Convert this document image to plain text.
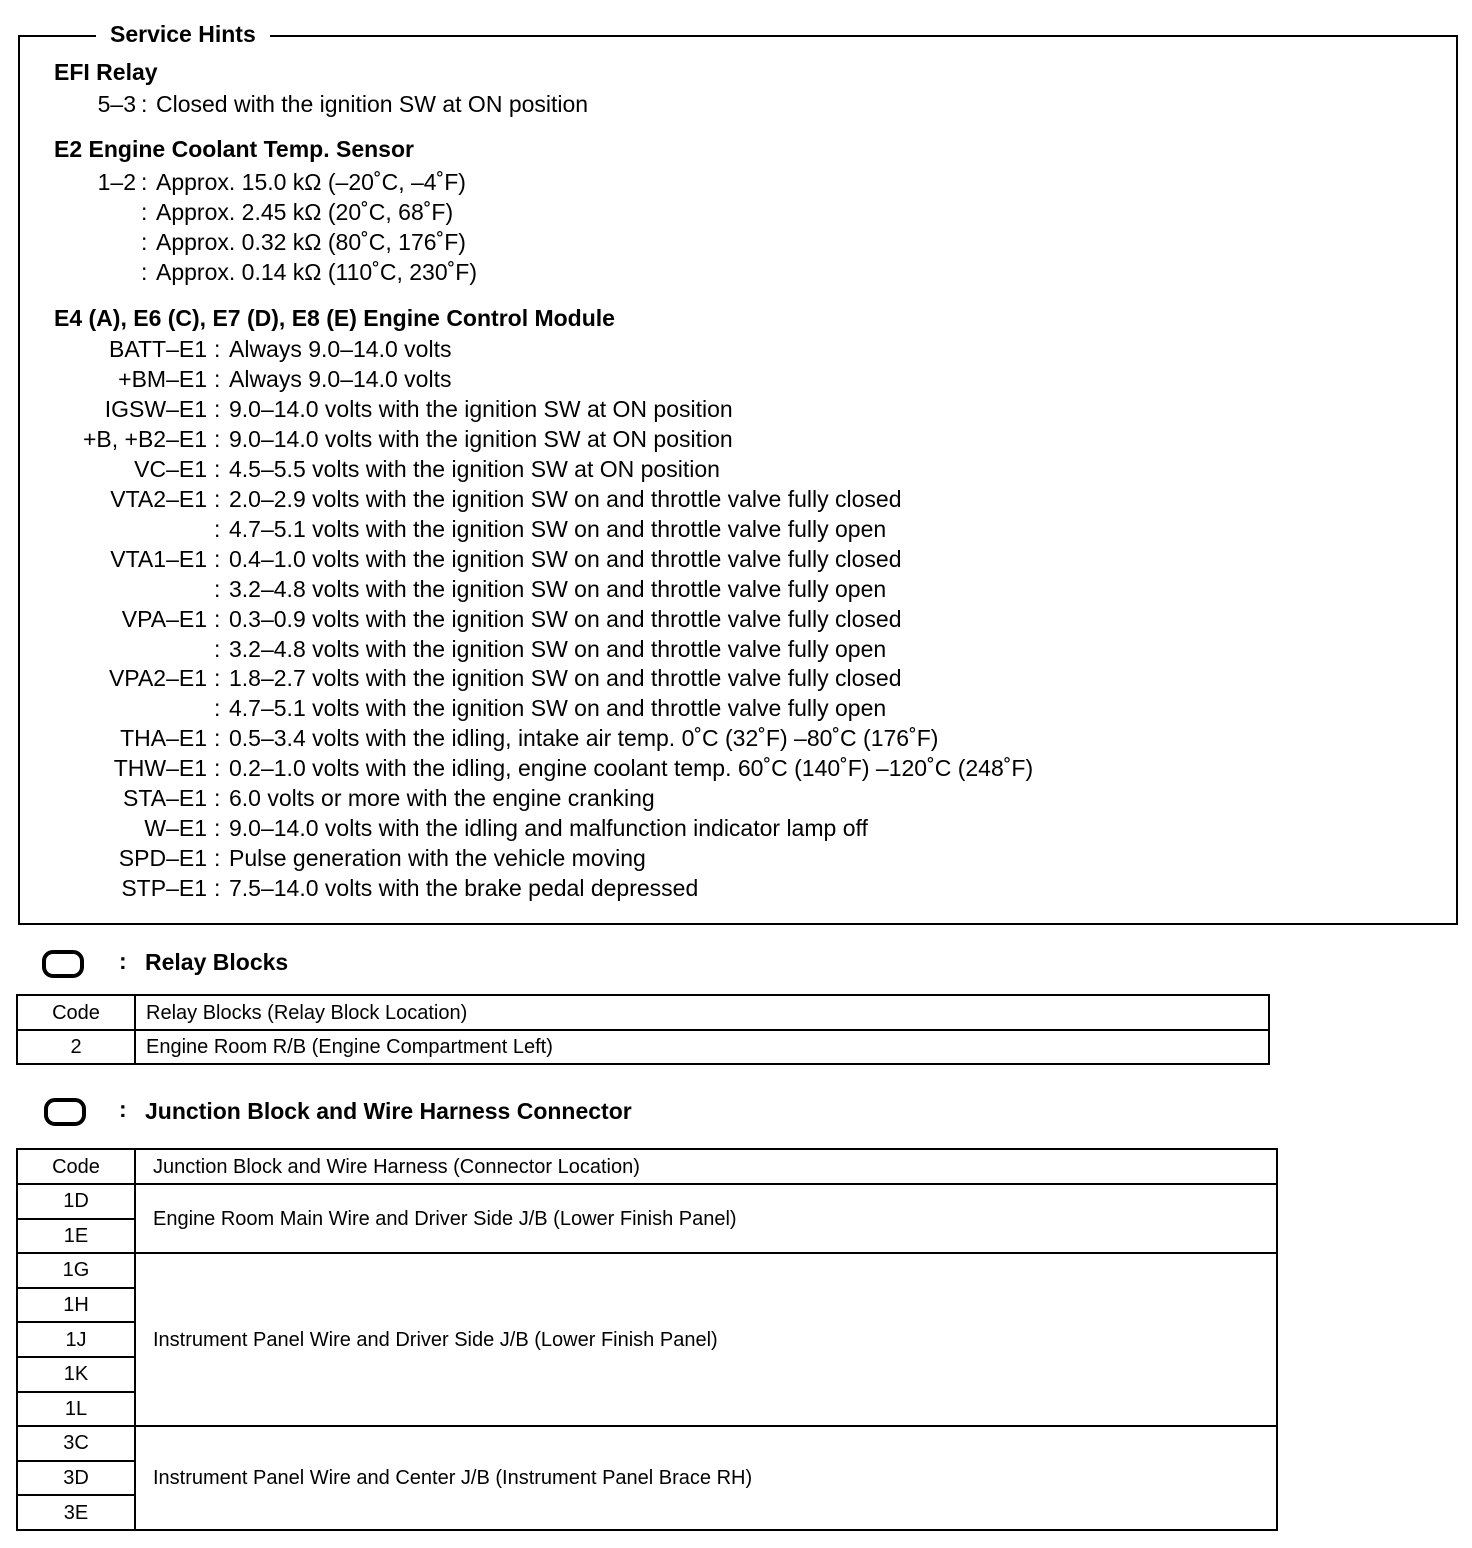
Service Hints
EFI Relay
5–3 : Closed with the ignition SW at ON position
E2 Engine Coolant Temp. Sensor
1–2 : Approx. 15.0 kΩ (–20˚C, –4˚F)
: Approx. 2.45 kΩ (20˚C, 68˚F)
: Approx. 0.32 kΩ (80˚C, 176˚F)
: Approx. 0.14 kΩ (110˚C, 230˚F)
E4 (A), E6 (C), E7 (D), E8 (E) Engine Control Module
BATT–E1 : Always 9.0–14.0 volts
+BM–E1 : Always 9.0–14.0 volts
IGSW–E1 : 9.0–14.0 volts with the ignition SW at ON position
+B, +B2–E1 : 9.0–14.0 volts with the ignition SW at ON position
VC–E1 : 4.5–5.5 volts with the ignition SW at ON position
VTA2–E1 : 2.0–2.9 volts with the ignition SW on and throttle valve fully closed
: 4.7–5.1 volts with the ignition SW on and throttle valve fully open
VTA1–E1 : 0.4–1.0 volts with the ignition SW on and throttle valve fully closed
: 3.2–4.8 volts with the ignition SW on and throttle valve fully open
VPA–E1 : 0.3–0.9 volts with the ignition SW on and throttle valve fully closed
: 3.2–4.8 volts with the ignition SW on and throttle valve fully open
VPA2–E1 : 1.8–2.7 volts with the ignition SW on and throttle valve fully closed
: 4.7–5.1 volts with the ignition SW on and throttle valve fully open
THA–E1 : 0.5–3.4 volts with the idling, intake air temp. 0˚C (32˚F) –80˚C (176˚F)
THW–E1 : 0.2–1.0 volts with the idling, engine coolant temp. 60˚C (140˚F) –120˚C (248˚F)
STA–E1 : 6.0 volts or more with the engine cranking
W–E1 : 9.0–14.0 volts with the idling and malfunction indicator lamp off
SPD–E1 : Pulse generation with the vehicle moving
STP–E1 : 7.5–14.0 volts with the brake pedal depressed
: Relay Blocks
Code	Relay Blocks (Relay Block Location)
2	Engine Room R/B (Engine Compartment Left)
: Junction Block and Wire Harness Connector
Code	Junction Block and Wire Harness (Connector Location)
1D	Engine Room Main Wire and Driver Side J/B (Lower Finish Panel)
1E	
1G	Instrument Panel Wire and Driver Side J/B (Lower Finish Panel)
1H	
1J	
1K	
1L	
3C	Instrument Panel Wire and Center J/B (Instrument Panel Brace RH)
3D	
3E	
